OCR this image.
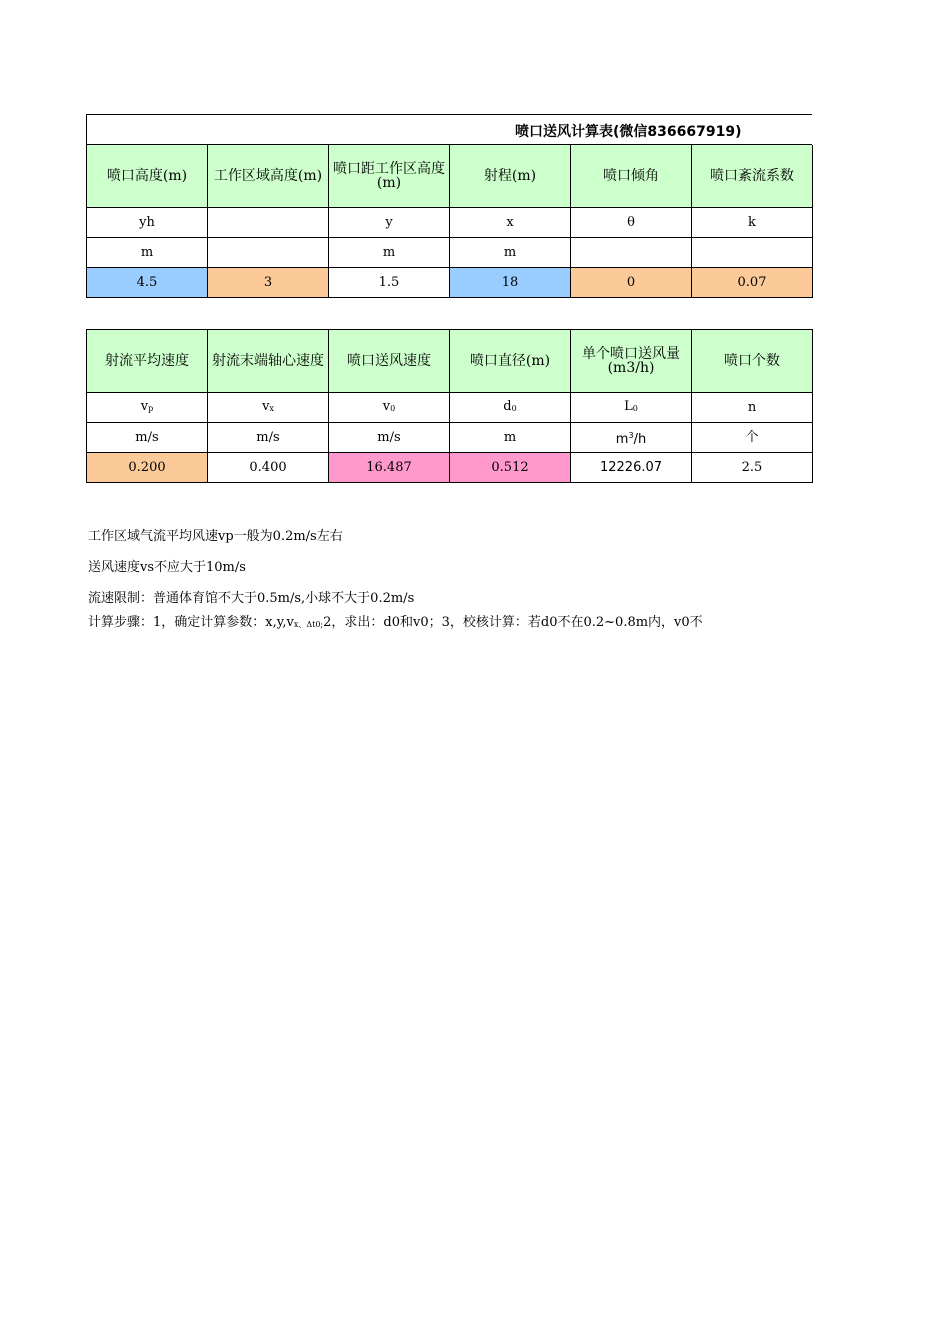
喷口送风计算表(微信836667919)
喷口高度(m)	工作区域高度(m)	喷口距工作区高度(m)	射程(m)	喷口倾角	喷口紊流系数
yh		y	x	θ	k
m		m	m		
4.5	3	1.5	18	0	0.07
射流平均速度	射流末端轴心速度	喷口送风速度	喷口直径(m)	单个喷口送风量(m3/h)	喷口个数
vp	vx	v0	d0	L0	n
m/s	m/s	m/s	m	$m^3/h$	个
0.200	0.400	16.487	0.512	12226.07	2.5
工作区域气流平均风速vp一般为0.2m/s左右
送风速度vs不应大于10m/s
流速限制：普通体育馆不大于0.5m/s,小球不大于0.2m/s
计算步骤：1，确定计算参数：x,y,vx、Δt0;2，求出：d0和v0；3，校核计算：若d0不在0.2~0.8m内，v0不
